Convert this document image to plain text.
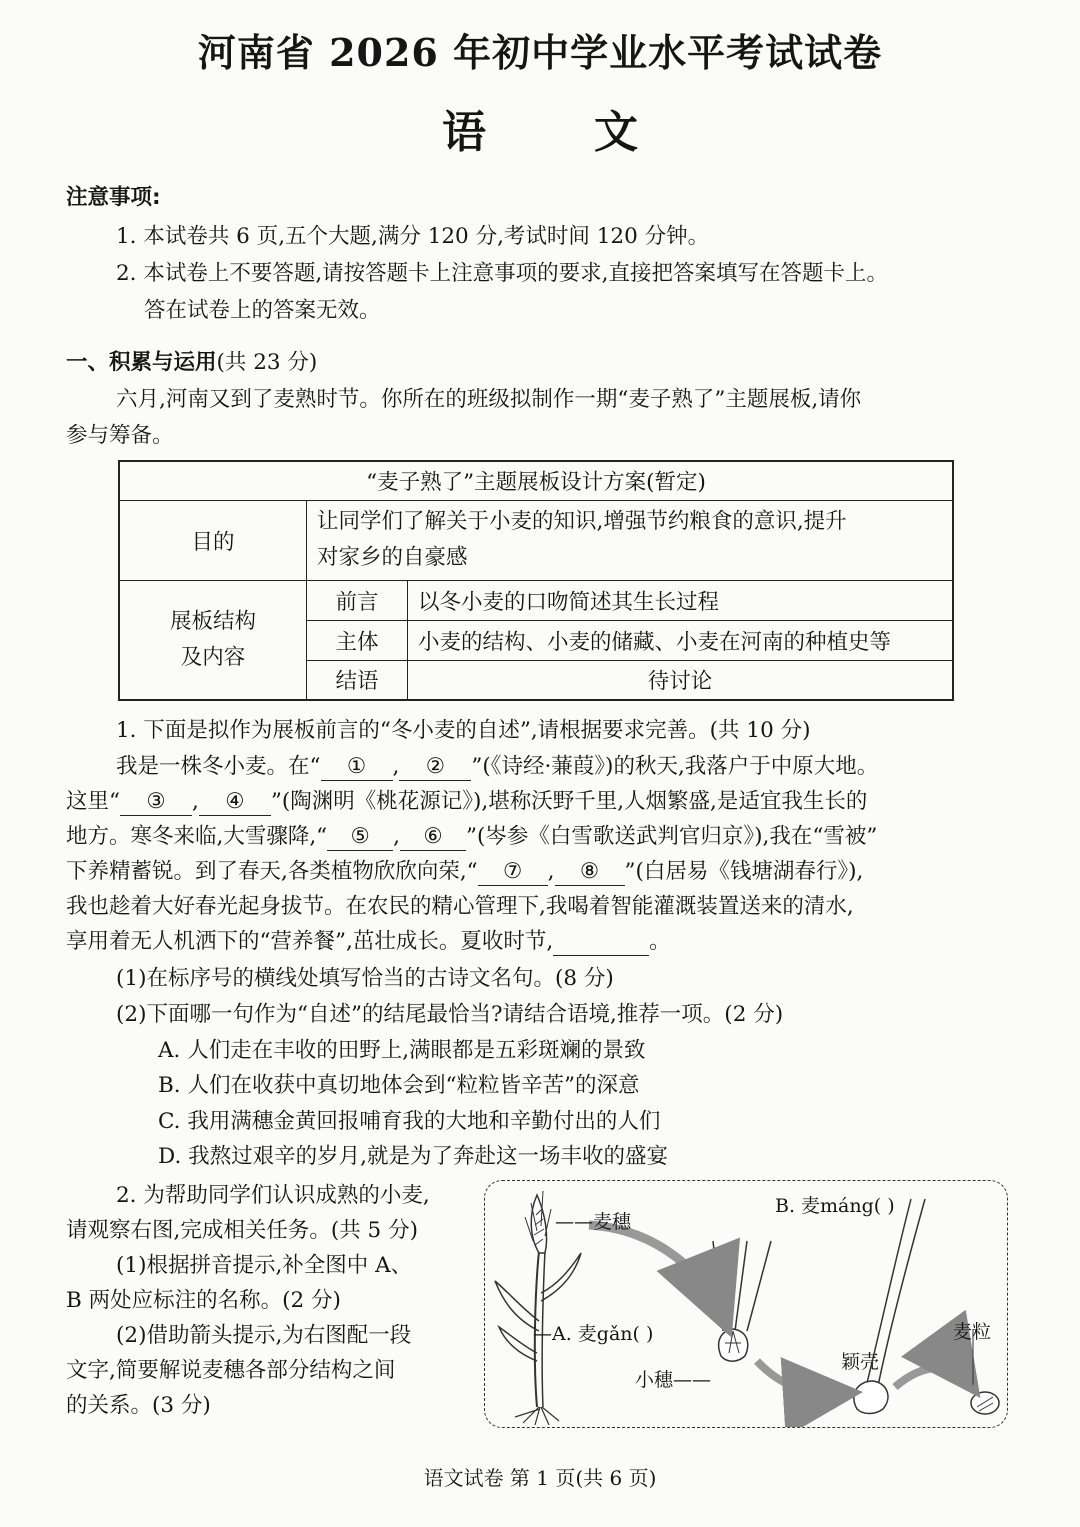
河南省 2026 年初中学业水平考试试卷
语 文
注意事项:
1. 本试卷共 6 页,五个大题,满分 120 分,考试时间 120 分钟。
2. 本试卷上不要答题,请按答题卡上注意事项的要求,直接把答案填写在答题卡上。
答在试卷上的答案无效。
一、积累与运用(共 23 分)
六月,河南又到了麦熟时节。你所在的班级拟制作一期“麦子熟了”主题展板,请你
参与筹备。
“麦子熟了”主题展板设计方案(暂定)		
目的	让同学们了解关于小麦的知识,增强节约粮食的意识,提升
对家乡的自豪感	

展板结构
及内容	前言	以冬小麦的口吻简述其生长过程
	主体	小麦的结构、小麦的储藏、小麦在河南的种植史等
	结语	待讨论
1. 下面是拟作为展板前言的“冬小麦的自述”,请根据要求完善。(共 10 分)
我是一株冬小麦。在“ ① , ② ”(《诗经·蒹葭》)的秋天,我落户于中原大地。
这里“ ③ , ④ ”(陶渊明《桃花源记》),堪称沃野千里,人烟繁盛,是适宜我生长的
地方。寒冬来临,大雪骤降,“ ⑤ , ⑥ ”(岑参《白雪歌送武判官归京》),我在“雪被”
下养精蓄锐。到了春天,各类植物欣欣向荣,“ ⑦ , ⑧ ”(白居易《钱塘湖春行》),
我也趁着大好春光起身拔节。在农民的精心管理下,我喝着智能灌溉装置送来的清水,
享用着无人机洒下的“营养餐”,茁壮成长。夏收时节,	。
(1)在标序号的横线处填写恰当的古诗文名句。(8 分)
(2)下面哪一句作为“自述”的结尾最恰当?请结合语境,推荐一项。(2 分)
A. 人们走在丰收的田野上,满眼都是五彩斑斓的景致
B. 人们在收获中真切地体会到“粒粒皆辛苦”的深意
C. 我用满穗金黄回报哺育我的大地和辛勤付出的人们
D. 我熬过艰辛的岁月,就是为了奔赴这一场丰收的盛宴
2. 为帮助同学们认识成熟的小麦,
请观察右图,完成相关任务。(共 5 分)
(1)根据拼音提示,补全图中 A、
B 两处应标注的名称。(2 分)
(2)借助箭头提示,为右图配一段
文字,简要解说麦穗各部分结构之间
的关系。(3 分)
——麦穗
B. 麦máng( )
—A. 麦gǎn( )
小穗——
颖壳
麦粒
语文试卷 第 1 页(共 6 页)
